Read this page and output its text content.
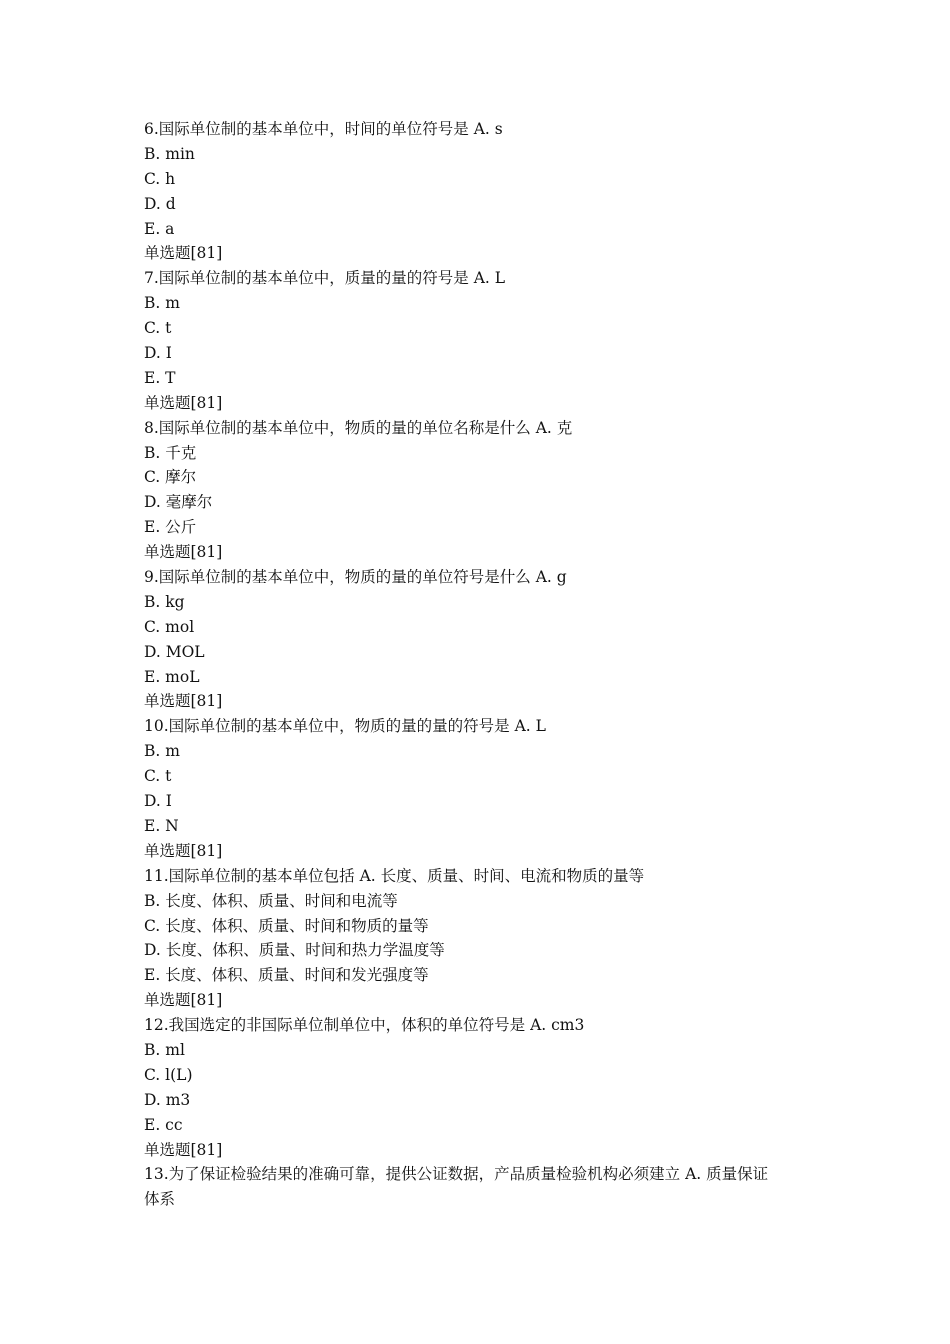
6.国际单位制的基本单位中，时间的单位符号是 A. s
B. min
C. h
D. d
E. a
单选题[81]
7.国际单位制的基本单位中，质量的量的符号是 A. L
B. m
C. t
D. I
E. T
单选题[81]
8.国际单位制的基本单位中，物质的量的单位名称是什么 A. 克
B. 千克
C. 摩尔
D. 毫摩尔
E. 公斤
单选题[81]
9.国际单位制的基本单位中，物质的量的单位符号是什么 A. g
B. kg
C. mol
D. MOL
E. moL
单选题[81]
10.国际单位制的基本单位中，物质的量的量的符号是 A. L
B. m
C. t
D. I
E. N
单选题[81]
11.国际单位制的基本单位包括 A. 长度、质量、时间、电流和物质的量等
B. 长度、体积、质量、时间和电流等
C. 长度、体积、质量、时间和物质的量等
D. 长度、体积、质量、时间和热力学温度等
E. 长度、体积、质量、时间和发光强度等
单选题[81]
12.我国选定的非国际单位制单位中，体积的单位符号是 A. cm3
B. ml
C. l(L)
D. m3
E. cc
单选题[81]
13.为了保证检验结果的准确可靠，提供公证数据，产品质量检验机构必须建立 A. 质量保证
体系
